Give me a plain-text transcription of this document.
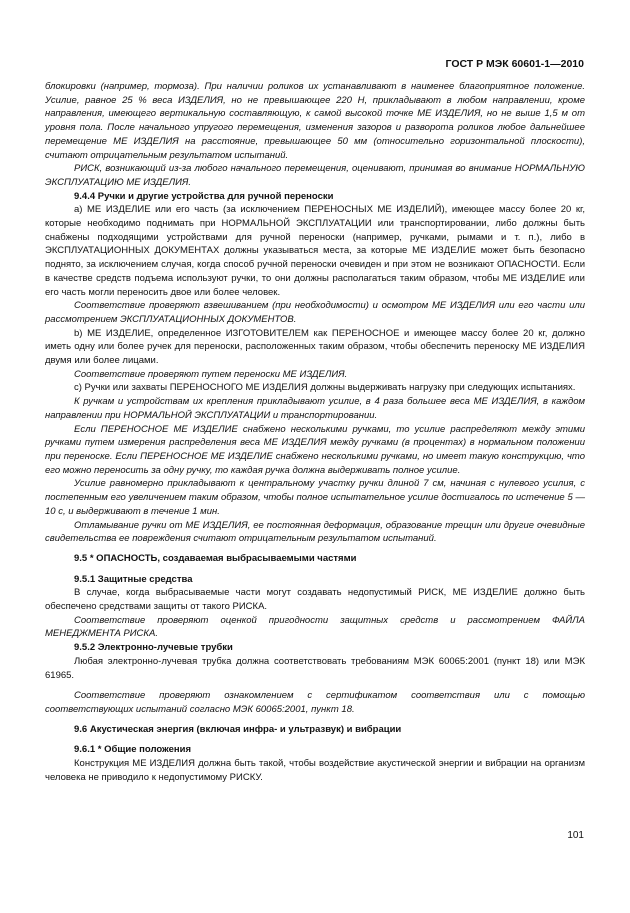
ГОСТ Р МЭК 60601-1—2010

блокировки (например, тормоза). При наличии роликов их устанавливают в наименее благоприятное положение. Усилие, равное 25 % веса ИЗДЕЛИЯ, но не превышающее 220 Н, прикладывают в любом направлении, кроме направления, имеющего вертикальную составляющую, к самой высокой точке МЕ ИЗДЕЛИЯ, но не выше 1,5 м от уровня пола. После начального упругого перемещения, изменения зазоров и разворота роликов любое дальнейшее перемещение МЕ ИЗДЕЛИЯ на расстояние, превышающее 50 мм (относительно горизонтальной плоскости), считают отрицательным результатом испытаний.

РИСК, возникающий из-за любого начального перемещения, оценивают, принимая во внимание НОРМАЛЬНУЮ ЭКСПЛУАТАЦИЮ МЕ ИЗДЕЛИЯ.

9.4.4 Ручки и другие устройства для ручной переноски

а) МЕ ИЗДЕЛИЕ или его часть (за исключением ПЕРЕНОСНЫХ МЕ ИЗДЕЛИЙ), имеющее массу более 20 кг, которые необходимо поднимать при НОРМАЛЬНОЙ ЭКСПЛУАТАЦИИ или транспортировании, либо должны быть снабжены подходящими устройствами для ручной переноски (например, ручками, рымами и т. п.), либо в ЭКСПЛУАТАЦИОННЫХ ДОКУМЕНТАХ должны указываться места, за которые МЕ ИЗДЕЛИЕ может быть безопасно поднято, за исключением случая, когда способ ручной переноски очевиден и при этом не возникают ОПАСНОСТИ. Если в качестве средств подъема используют ручки, то они должны располагаться таким образом, чтобы МЕ ИЗДЕЛИЕ или его часть могли переносить двое или более человек.

Соответствие проверяют взвешиванием (при необходимости) и осмотром МЕ ИЗДЕЛИЯ или его части или рассмотрением ЭКСПЛУАТАЦИОННЫХ ДОКУМЕНТОВ.

b) МЕ ИЗДЕЛИЕ, определенное ИЗГОТОВИТЕЛЕМ как ПЕРЕНОСНОЕ и имеющее массу более 20 кг, должно иметь одну или более ручек для переноски, расположенных таким образом, чтобы обеспечить переноску МЕ ИЗДЕЛИЯ двумя или более лицами.

Соответствие проверяют путем переноски МЕ ИЗДЕЛИЯ.

с) Ручки или захваты ПЕРЕНОСНОГО МЕ ИЗДЕЛИЯ должны выдерживать нагрузку при следующих испытаниях.

К ручкам и устройствам их крепления прикладывают усилие, в 4 раза большее веса МЕ ИЗДЕЛИЯ, в каждом направлении при НОРМАЛЬНОЙ ЭКСПЛУАТАЦИИ и транспортировании.

Если ПЕРЕНОСНОЕ МЕ ИЗДЕЛИЕ снабжено несколькими ручками, то усилие распределяют между этими ручками путем измерения распределения веса МЕ ИЗДЕЛИЯ между ручками (в процентах) в нормальном положении при переноске. Если ПЕРЕНОСНОЕ МЕ ИЗДЕЛИЕ снабжено несколькими ручками, но имеет такую конструкцию, что его можно переносить за одну ручку, то каждая ручка должна выдерживать полное усилие.

Усилие равномерно прикладывают к центральному участку ручки длиной 7 см, начиная с нулевого усилия, с постепенным его увеличением таким образом, чтобы полное испытательное усилие достигалось по истечение 5 — 10 с, и выдерживают в течение 1 мин.

Отламывание ручки от МЕ ИЗДЕЛИЯ, ее постоянная деформация, образование трещин или другие очевидные свидетельства ее повреждения считают отрицательным результатом испытаний.

9.5 * ОПАСНОСТЬ, создаваемая выбрасываемыми частями

9.5.1 Защитные средства

В случае, когда выбрасываемые части могут создавать недопустимый РИСК, МЕ ИЗДЕЛИЕ должно быть обеспечено средствами защиты от такого РИСКА.

Соответствие проверяют оценкой пригодности защитных средств и рассмотрением ФАЙЛА МЕНЕДЖМЕНТА РИСКА.

9.5.2 Электронно-лучевые трубки

Любая электронно-лучевая трубка должна соответствовать требованиям МЭК 60065:2001 (пункт 18) или МЭК 61965.

Соответствие проверяют ознакомлением с сертификатом соответствия или с помощью соответствующих испытаний согласно МЭК 60065:2001, пункт 18.

9.6 Акустическая энергия (включая инфра- и ультразвук) и вибрации

9.6.1 * Общие положения

Конструкция МЕ ИЗДЕЛИЯ должна быть такой, чтобы воздействие акустической энергии и вибрации на организм человека не приводило к недопустимому РИСКУ.

101
